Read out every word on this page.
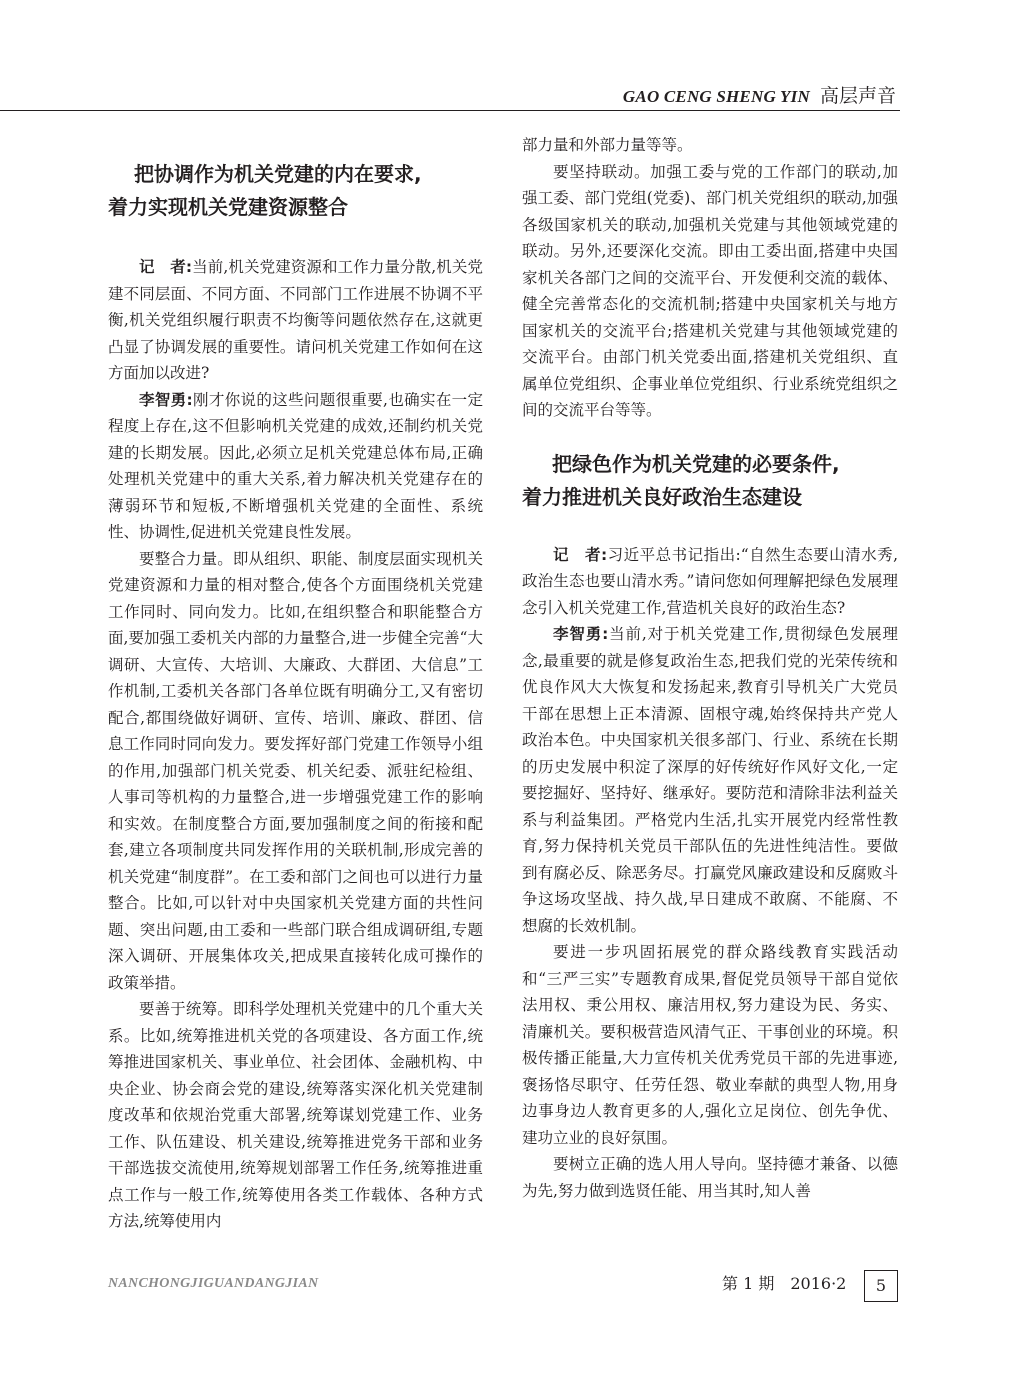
GAO CENG SHENG YIN 高层声音
把协调作为机关党建的内在要求,
着力实现机关党建资源整合

记　者:当前,机关党建资源和工作力量分散,机关党建不同层面、不同方面、不同部门工作进展不协调不平衡,机关党组织履行职责不均衡等问题依然存在,这就更凸显了协调发展的重要性。请问机关党建工作如何在这方面加以改进?

李智勇:刚才你说的这些问题很重要,也确实在一定程度上存在,这不但影响机关党建的成效,还制约机关党建的长期发展。因此,必须立足机关党建总体布局,正确处理机关党建中的重大关系,着力解决机关党建存在的薄弱环节和短板,不断增强机关党建的全面性、系统性、协调性,促进机关党建良性发展。

要整合力量。即从组织、职能、制度层面实现机关党建资源和力量的相对整合,使各个方面围绕机关党建工作同时、同向发力。比如,在组织整合和职能整合方面,要加强工委机关内部的力量整合,进一步健全完善“大调研、大宣传、大培训、大廉政、大群团、大信息”工作机制,工委机关各部门各单位既有明确分工,又有密切配合,都围绕做好调研、宣传、培训、廉政、群团、信息工作同时同向发力。要发挥好部门党建工作领导小组的作用,加强部门机关党委、机关纪委、派驻纪检组、人事司等机构的力量整合,进一步增强党建工作的影响和实效。在制度整合方面,要加强制度之间的衔接和配套,建立各项制度共同发挥作用的关联机制,形成完善的机关党建“制度群”。在工委和部门之间也可以进行力量整合。比如,可以针对中央国家机关党建方面的共性问题、突出问题,由工委和一些部门联合组成调研组,专题深入调研、开展集体攻关,把成果直接转化成可操作的政策举措。

要善于统筹。即科学处理机关党建中的几个重大关系。比如,统筹推进机关党的各项建设、各方面工作,统筹推进国家机关、事业单位、社会团体、金融机构、中央企业、协会商会党的建设,统筹落实深化机关党建制度改革和依规治党重大部署,统筹谋划党建工作、业务工作、队伍建设、机关建设,统筹推进党务干部和业务干部选拔交流使用,统筹规划部署工作任务,统筹推进重点工作与一般工作,统筹使用各类工作载体、各种方式方法,统筹使用内

部力量和外部力量等等。

要坚持联动。加强工委与党的工作部门的联动,加强工委、部门党组(党委)、部门机关党组织的联动,加强各级国家机关的联动,加强机关党建与其他领域党建的联动。另外,还要深化交流。即由工委出面,搭建中央国家机关各部门之间的交流平台、开发便利交流的载体、健全完善常态化的交流机制;搭建中央国家机关与地方国家机关的交流平台;搭建机关党建与其他领域党建的交流平台。由部门机关党委出面,搭建机关党组织、直属单位党组织、企事业单位党组织、行业系统党组织之间的交流平台等等。

把绿色作为机关党建的必要条件,
着力推进机关良好政治生态建设

记　者:习近平总书记指出:“自然生态要山清水秀,政治生态也要山清水秀。”请问您如何理解把绿色发展理念引入机关党建工作,营造机关良好的政治生态?

李智勇:当前,对于机关党建工作,贯彻绿色发展理念,最重要的就是修复政治生态,把我们党的光荣传统和优良作风大大恢复和发扬起来,教育引导机关广大党员干部在思想上正本清源、固根守魂,始终保持共产党人政治本色。中央国家机关很多部门、行业、系统在长期的历史发展中积淀了深厚的好传统好作风好文化,一定要挖掘好、坚持好、继承好。要防范和清除非法利益关系与利益集团。严格党内生活,扎实开展党内经常性教育,努力保持机关党员干部队伍的先进性纯洁性。要做到有腐必反、除恶务尽。打赢党风廉政建设和反腐败斗争这场攻坚战、持久战,早日建成不敢腐、不能腐、不想腐的长效机制。

要进一步巩固拓展党的群众路线教育实践活动和“三严三实”专题教育成果,督促党员领导干部自觉依法用权、秉公用权、廉洁用权,努力建设为民、务实、清廉机关。要积极营造风清气正、干事创业的环境。积极传播正能量,大力宣传机关优秀党员干部的先进事迹,褒扬恪尽职守、任劳任怨、敬业奉献的典型人物,用身边事身边人教育更多的人,强化立足岗位、创先争优、建功立业的良好氛围。

要树立正确的选人用人导向。坚持德才兼备、以德为先,努力做到选贤任能、用当其时,知人善

NANCHONGJIGUANDANGJIAN	第 1 期　2016·2	5
